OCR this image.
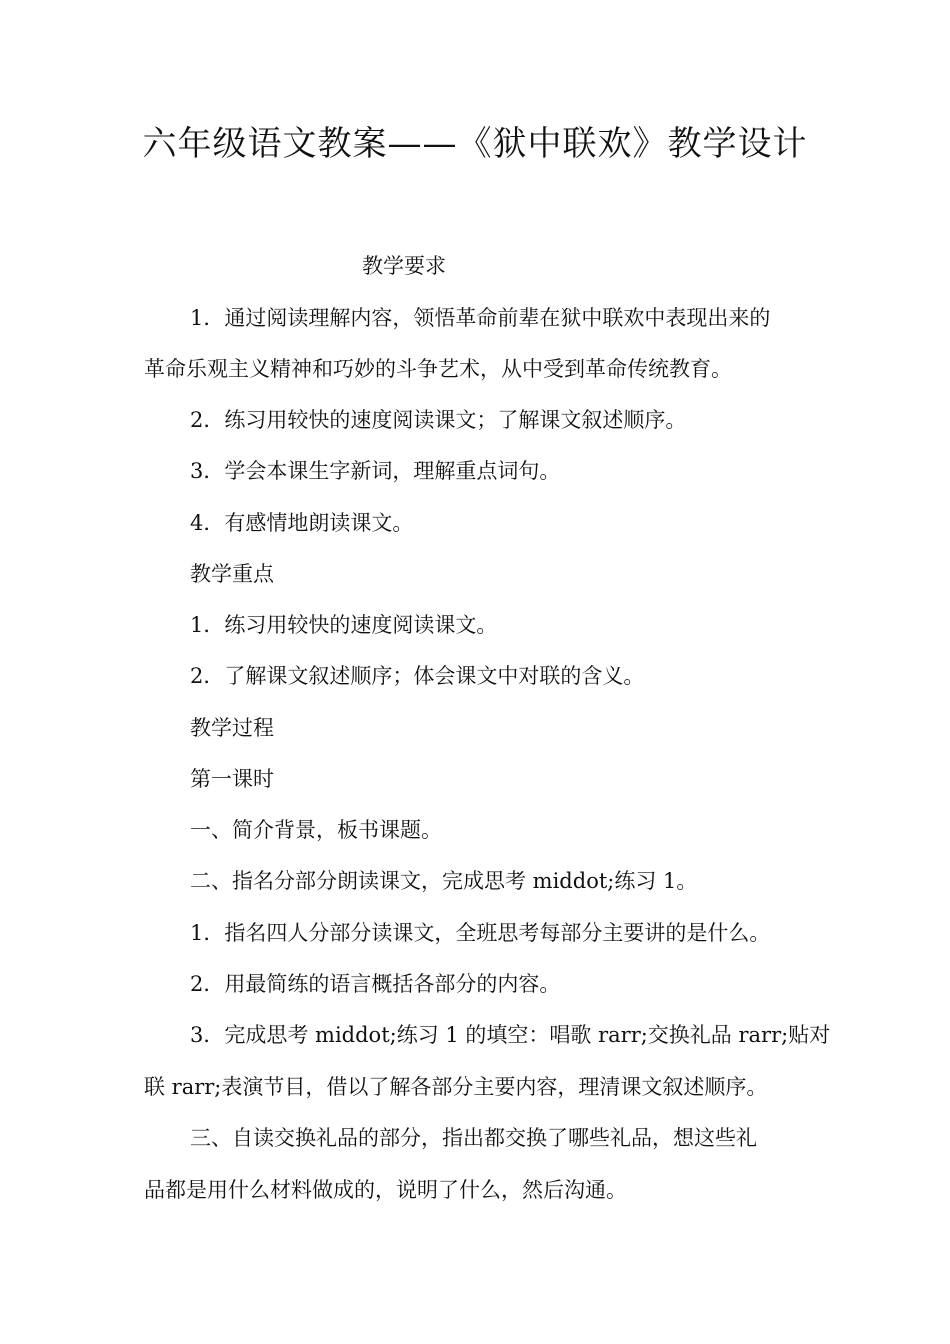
六年级语文教案——《狱中联欢》教学设计
教学要求
1．通过阅读理解内容，领悟革命前辈在狱中联欢中表现出来的
革命乐观主义精神和巧妙的斗争艺术，从中受到革命传统教育。
2．练习用较快的速度阅读课文；了解课文叙述顺序。
3．学会本课生字新词，理解重点词句。
4．有感情地朗读课文。
教学重点
1．练习用较快的速度阅读课文。
2．了解课文叙述顺序；体会课文中对联的含义。
教学过程
第一课时
一、简介背景，板书课题。
二、指名分部分朗读课文，完成思考 middot;练习 1。
1．指名四人分部分读课文，全班思考每部分主要讲的是什么。
2．用最简练的语言概括各部分的内容。
3．完成思考 middot;练习 1 的填空：唱歌 rarr;交换礼品 rarr;贴对
联 rarr;表演节目，借以了解各部分主要内容，理清课文叙述顺序。
三、自读交换礼品的部分，指出都交换了哪些礼品，想这些礼
品都是用什么材料做成的，说明了什么，然后沟通。
